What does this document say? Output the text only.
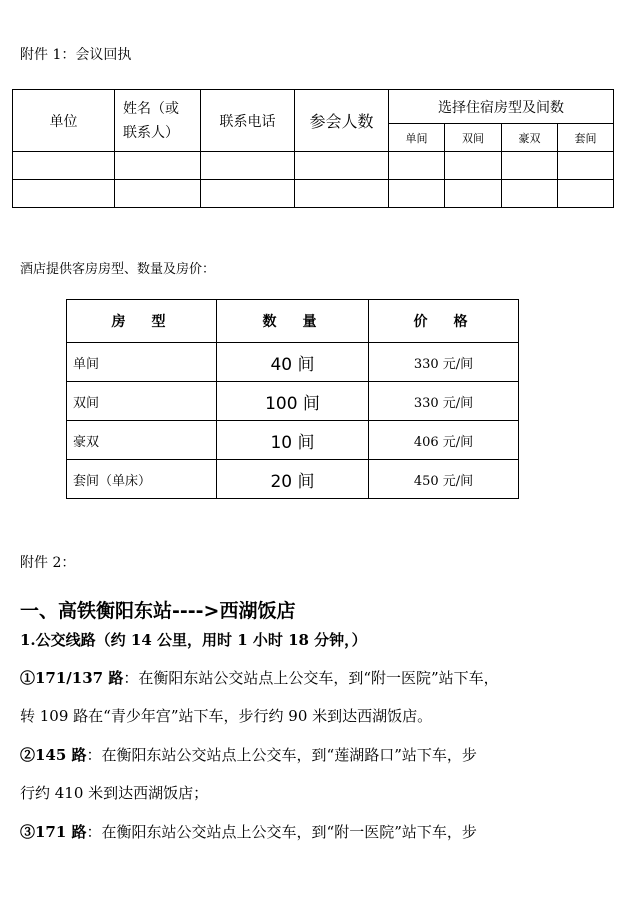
附件 1：会议回执
单位	姓名（或联系人）	联系电话	参会人数	选择住宿房型及间数			
				单间	双间	豪双	套间

酒店提供客房房型、数量及房价：
房　型	数　量	价　格
单间	40 间	330 元/间
双间	100 间	330 元/间
豪双	10 间	406 元/间
套间（单床）	20 间	450 元/间
附件 2：
一、高铁衡阳东站---->西湖饭店
1.公交线路（约 14 公里，用时 1 小时 18 分钟，）
①171/137 路：在衡阳东站公交站点上公交车，到“附一医院”站下车，
转 109 路在“青少年宫”站下车，步行约 90 米到达西湖饭店。
②145 路：在衡阳东站公交站点上公交车，到“莲湖路口”站下车，步
行约 410 米到达西湖饭店；
③171 路：在衡阳东站公交站点上公交车，到“附一医院”站下车，步
